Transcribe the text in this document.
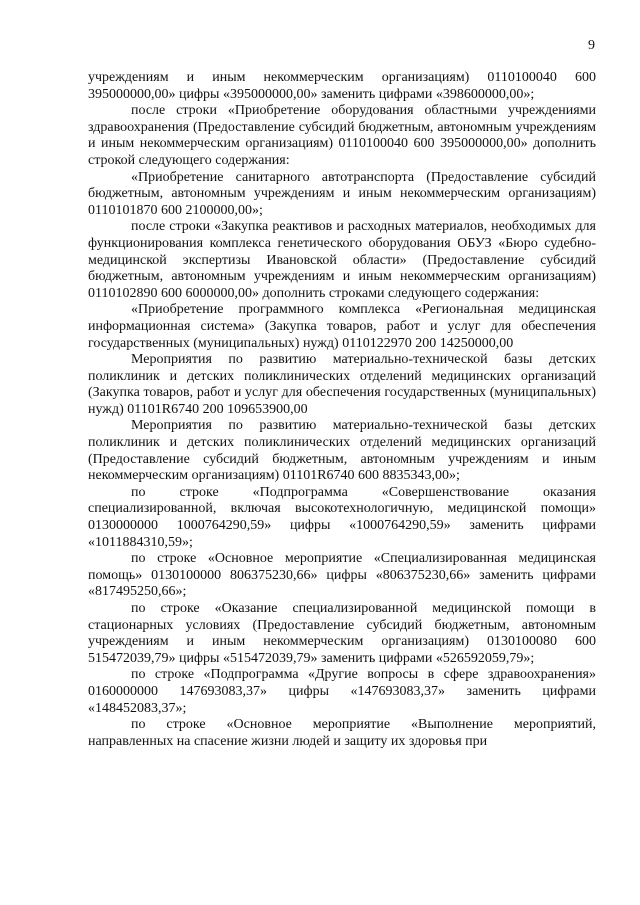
9

учреждениям и иным некоммерческим организациям) 0110100040 600 395000000,00» цифры «395000000,00» заменить цифрами «398600000,00»;

после строки «Приобретение оборудования областными учреждениями здравоохранения (Предоставление субсидий бюджетным, автономным учреждениям и иным некоммерческим организациям) 0110100040 600 395000000,00» дополнить строкой следующего содержания:

«Приобретение санитарного автотранспорта (Предоставление субсидий бюджетным, автономным учреждениям и иным некоммерческим организациям) 0110101870 600 2100000,00»;

после строки «Закупка реактивов и расходных материалов, необходимых для функционирования комплекса генетического оборудования ОБУЗ «Бюро судебно-медицинской экспертизы Ивановской области» (Предоставление субсидий бюджетным, автономным учреждениям и иным некоммерческим организациям) 0110102890 600 6000000,00» дополнить строками следующего содержания:

«Приобретение программного комплекса «Региональная медицинская информационная система» (Закупка товаров, работ и услуг для обеспечения государственных (муниципальных) нужд) 0110122970 200 14250000,00

Мероприятия по развитию материально-технической базы детских поликлиник и детских поликлинических отделений медицинских организаций (Закупка товаров, работ и услуг для обеспечения государственных (муниципальных) нужд) 01101R6740 200 109653900,00

Мероприятия по развитию материально-технической базы детских поликлиник и детских поликлинических отделений медицинских организаций (Предоставление субсидий бюджетным, автономным учреждениям и иным некоммерческим организациям) 01101R6740 600 8835343,00»;

по строке «Подпрограмма «Совершенствование оказания специализированной, включая высокотехнологичную, медицинской помощи» 0130000000 1000764290,59» цифры «1000764290,59» заменить цифрами «1011884310,59»;

по строке «Основное мероприятие «Специализированная медицинская помощь» 0130100000 806375230,66» цифры «806375230,66» заменить цифрами «817495250,66»;

по строке «Оказание специализированной медицинской помощи в стационарных условиях (Предоставление субсидий бюджетным, автономным учреждениям и иным некоммерческим организациям) 0130100080 600 515472039,79» цифры «515472039,79» заменить цифрами «526592059,79»;

по строке «Подпрограмма «Другие вопросы в сфере здравоохранения» 0160000000 147693083,37» цифры «147693083,37» заменить цифрами «148452083,37»;

по строке «Основное мероприятие «Выполнение мероприятий, направленных на спасение жизни людей и защиту их здоровья при
